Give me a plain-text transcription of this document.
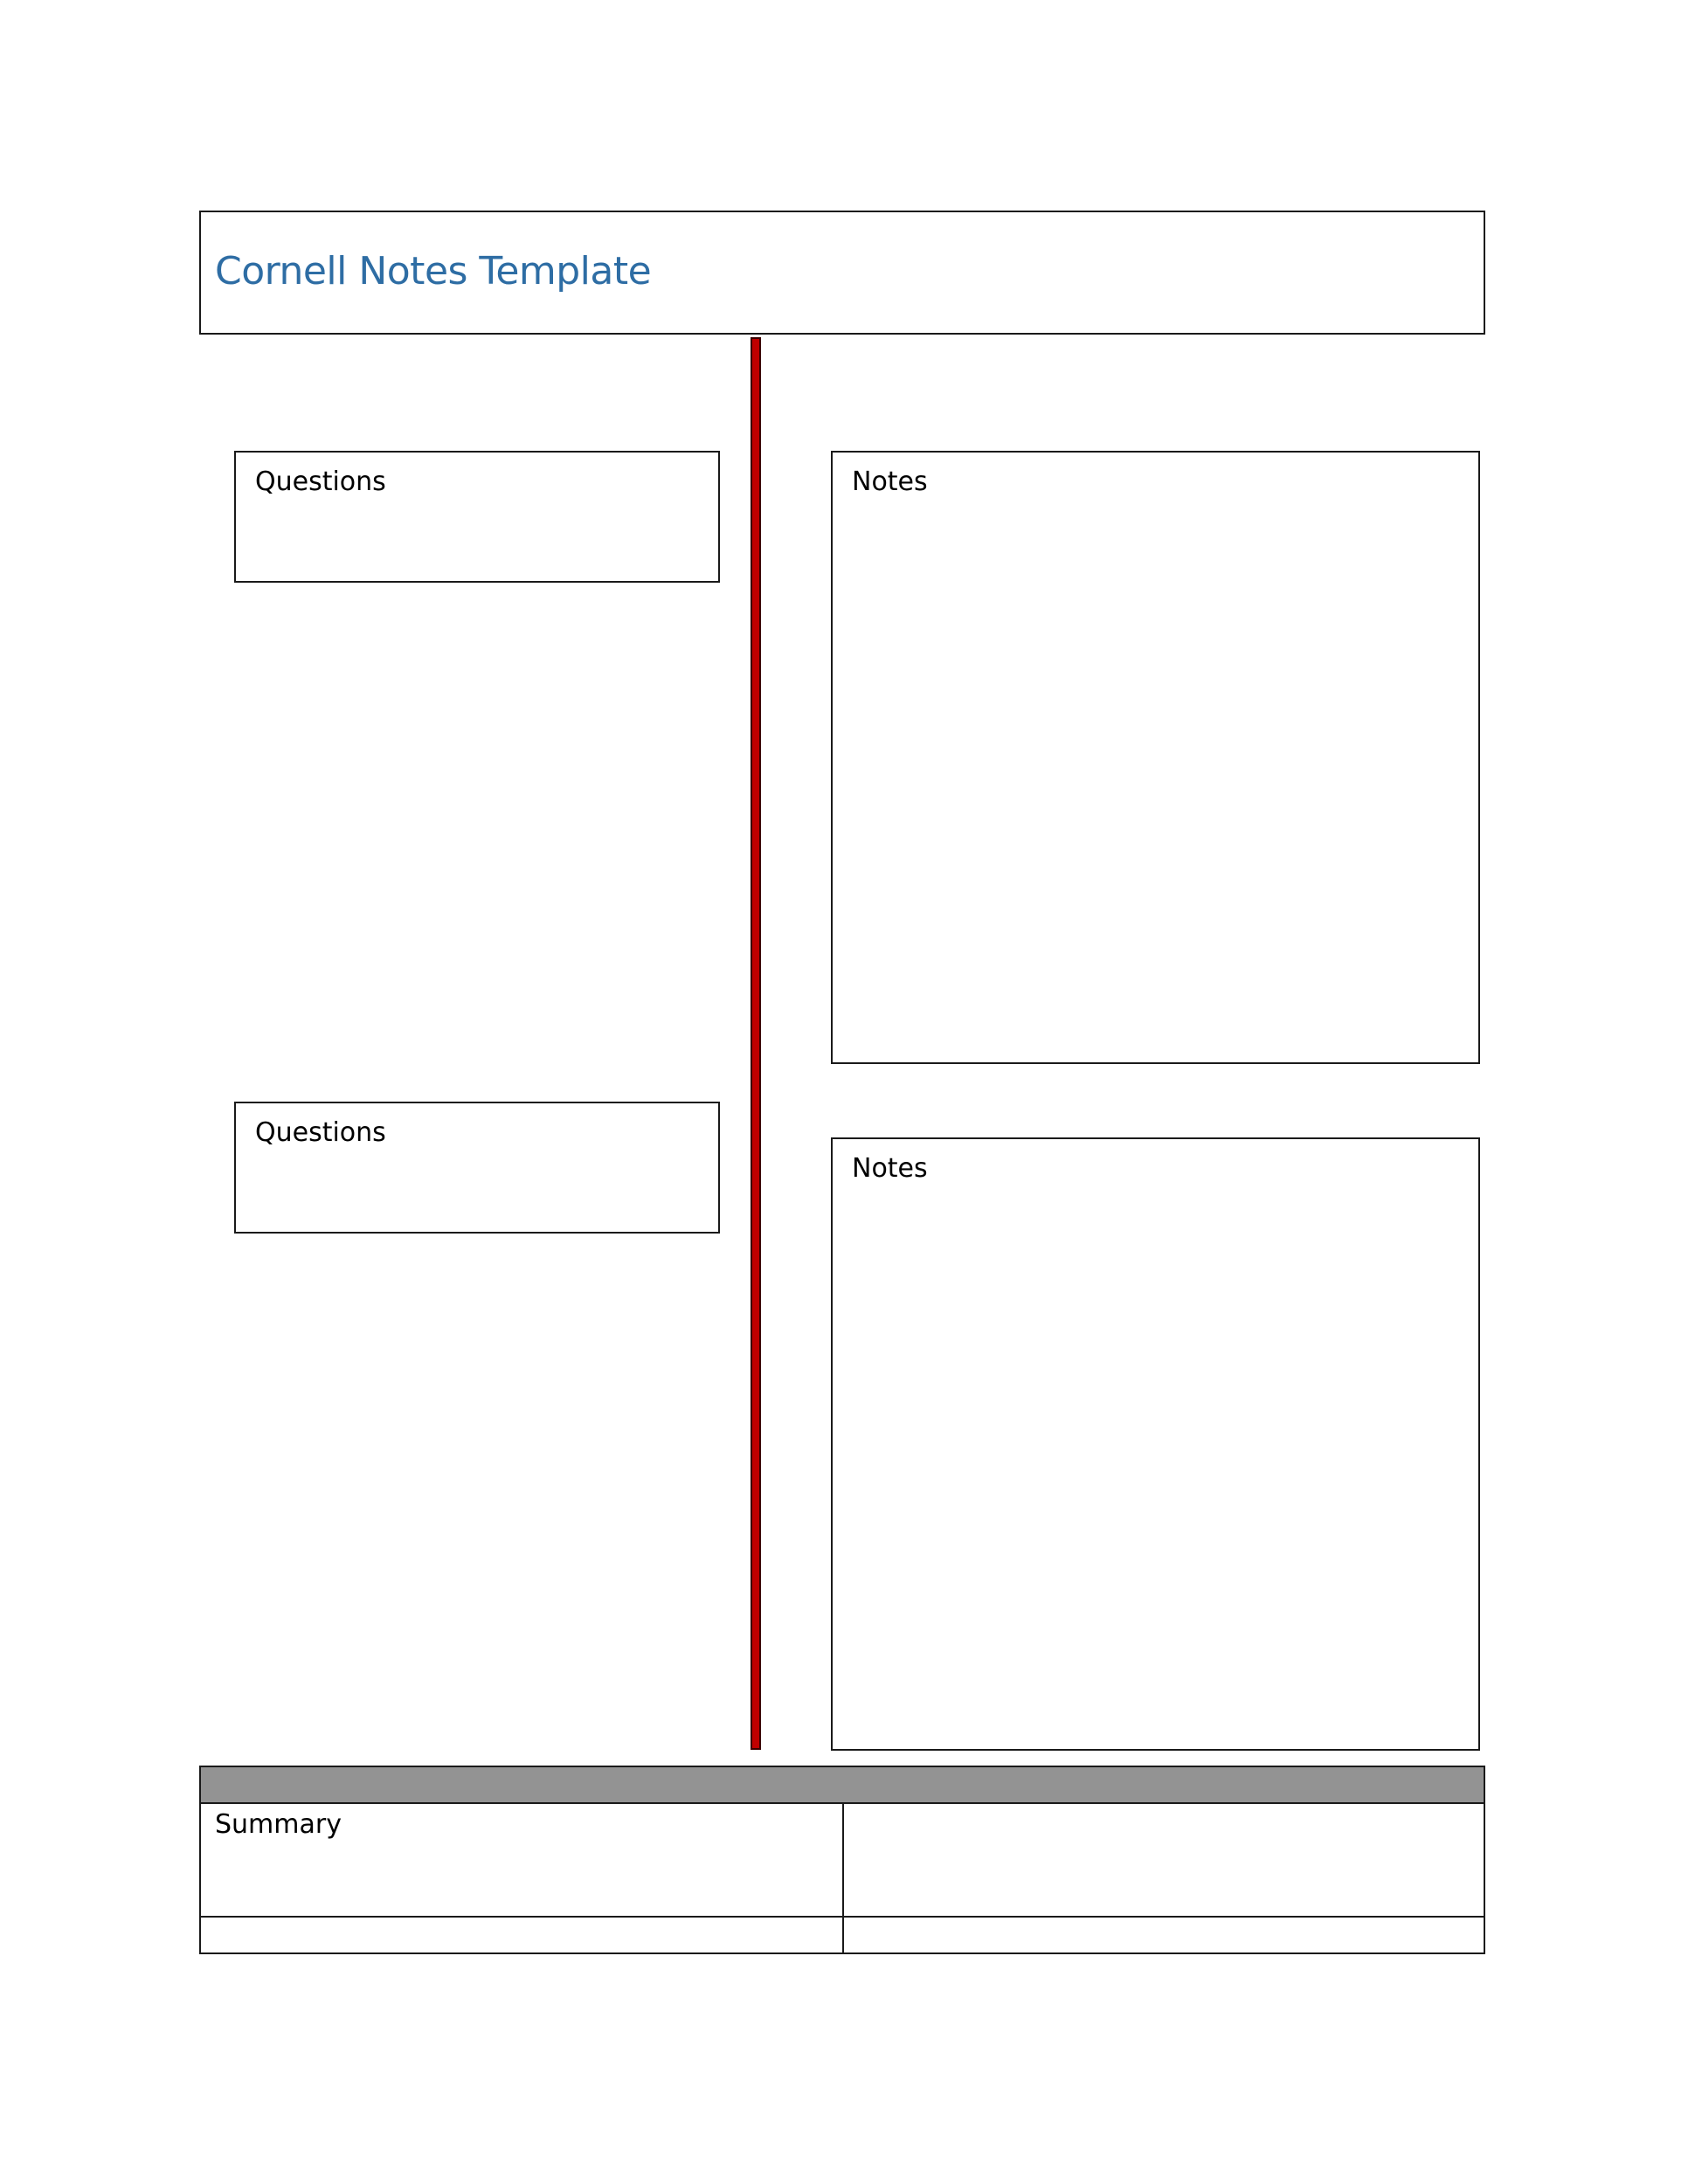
Cornell Notes Template
Questions	Notes
Questions
Notes
Summary
